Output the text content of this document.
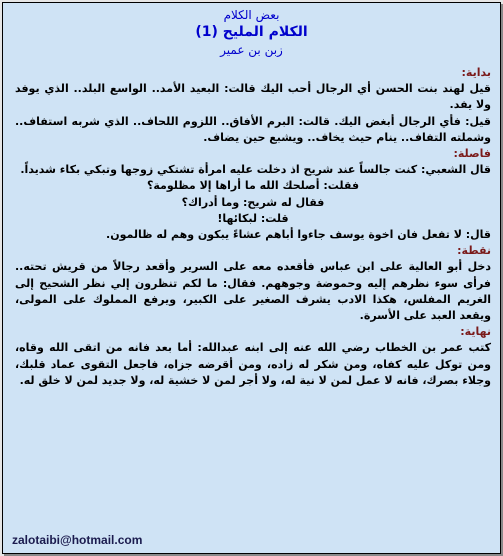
بعض الكلام
الكلام المليح (1)
زبن بن عمير

بداية:

قيل لهند بنت الحسن أي الرجال أحب اليك قالت: البعيد الأمد.. الواسع البلد.. الذي يوفد ولا يفد.

قيل: فأي الرجال أبغض اليك. قالت: البرم الأفاق.. اللزوم اللحاف.. الذي شربه استفاف.. وشملته التفاف.. ينام حيث يخاف.. ويشبع حين يضاف.

فاصلة:

قال الشعبي: كنت جالساً عند شريح اذ دخلت عليه امرأة تشتكي زوجها وتبكي بكاء شديداً.

فقلت: أصلحك الله ما أراها إلا مظلومة؟

فقال له شريح: وما أدراك؟

قلت: لبكائها!

قال: لا تفعل فان اخوة يوسف جاءوا أباهم عشاءً يبكون وهم له ظالمون.

نقطة:

دخل أبو العالية على ابن عباس فأقعده معه على السرير وأقعد رجالاً من قريش تحته.. فرأى سوء نظرهم إليه وحموضة وجوههم. فقال: ما لكم تنظرون إلي نظر الشحيح إلى الغريم المفلس، هكذا الادب يشرف الصغير على الكبير، ويرفع المملوك على المولى، ويقعد العبد على الأسرة.

نهاية:

كتب عمر بن الخطاب رضي الله عنه إلى ابنه عبدالله: أما بعد فانه من اتقى الله وقاه، ومن توكل عليه كفاه، ومن شكر له زاده، ومن أقرضه جزاه، فاجعل التقوى عماد قلبك، وجلاء بصرك، فانه لا عمل لمن لا نية له، ولا أجر لمن لا خشية له، ولا جديد لمن لا خلق له.

zalotaibi@hotmail.com
